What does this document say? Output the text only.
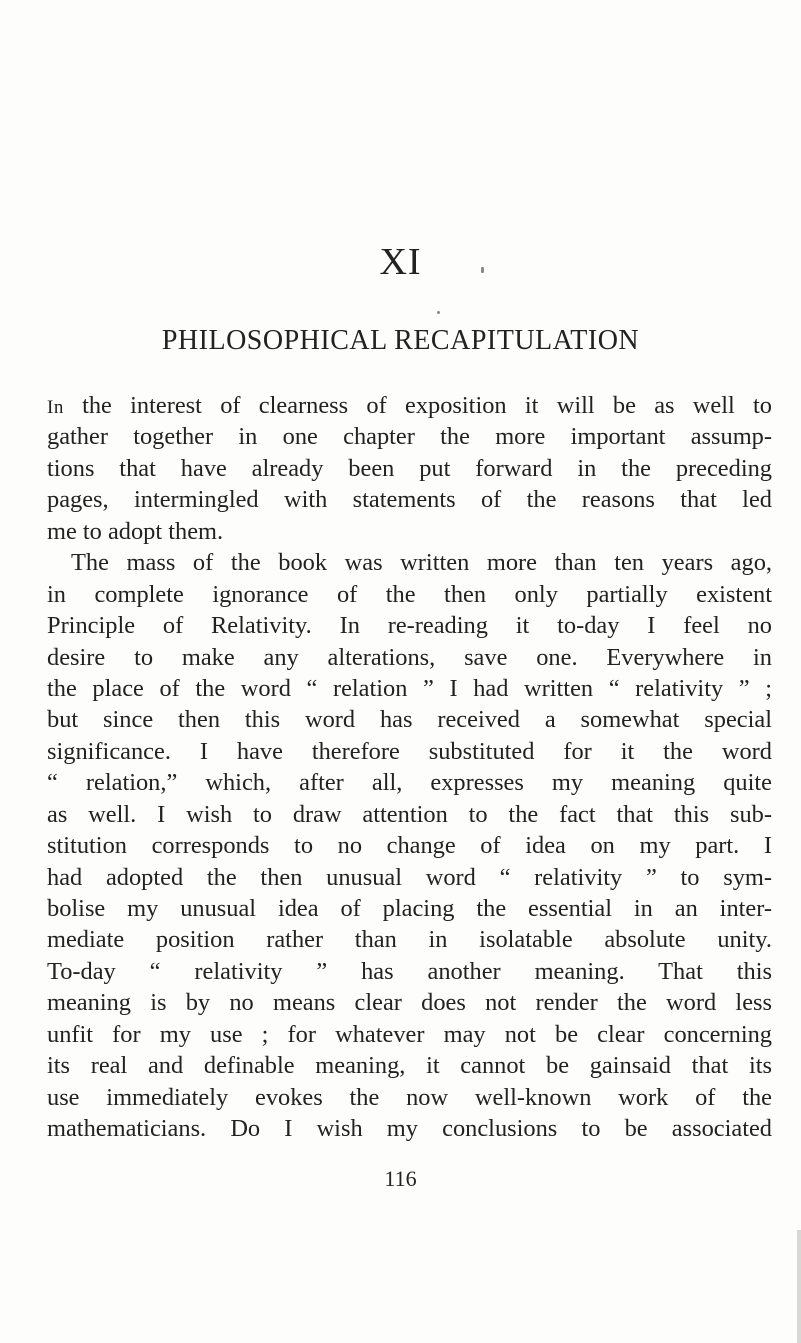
XI
PHILOSOPHICAL RECAPITULATION
In the interest of clearness of exposition it will be as well to
gather together in one chapter the more important assump-
tions that have already been put forward in the preceding
pages, intermingled with statements of the reasons that led
me to adopt them.
The mass of the book was written more than ten years ago,
in complete ignorance of the then only partially existent
Principle of Relativity. In re-reading it to-day I feel no
desire to make any alterations, save one. Everywhere in
the place of the word “ relation ” I had written “ relativity ” ;
but since then this word has received a somewhat special
significance. I have therefore substituted for it the word
“ relation,” which, after all, expresses my meaning quite
as well. I wish to draw attention to the fact that this sub-
stitution corresponds to no change of idea on my part. I
had adopted the then unusual word “ relativity ” to sym-
bolise my unusual idea of placing the essential in an inter-
mediate position rather than in isolatable absolute unity.
To-day “ relativity ” has another meaning. That this
meaning is by no means clear does not render the word less
unfit for my use ; for whatever may not be clear concerning
its real and definable meaning, it cannot be gainsaid that its
use immediately evokes the now well-known work of the
mathematicians. Do I wish my conclusions to be associated
116
